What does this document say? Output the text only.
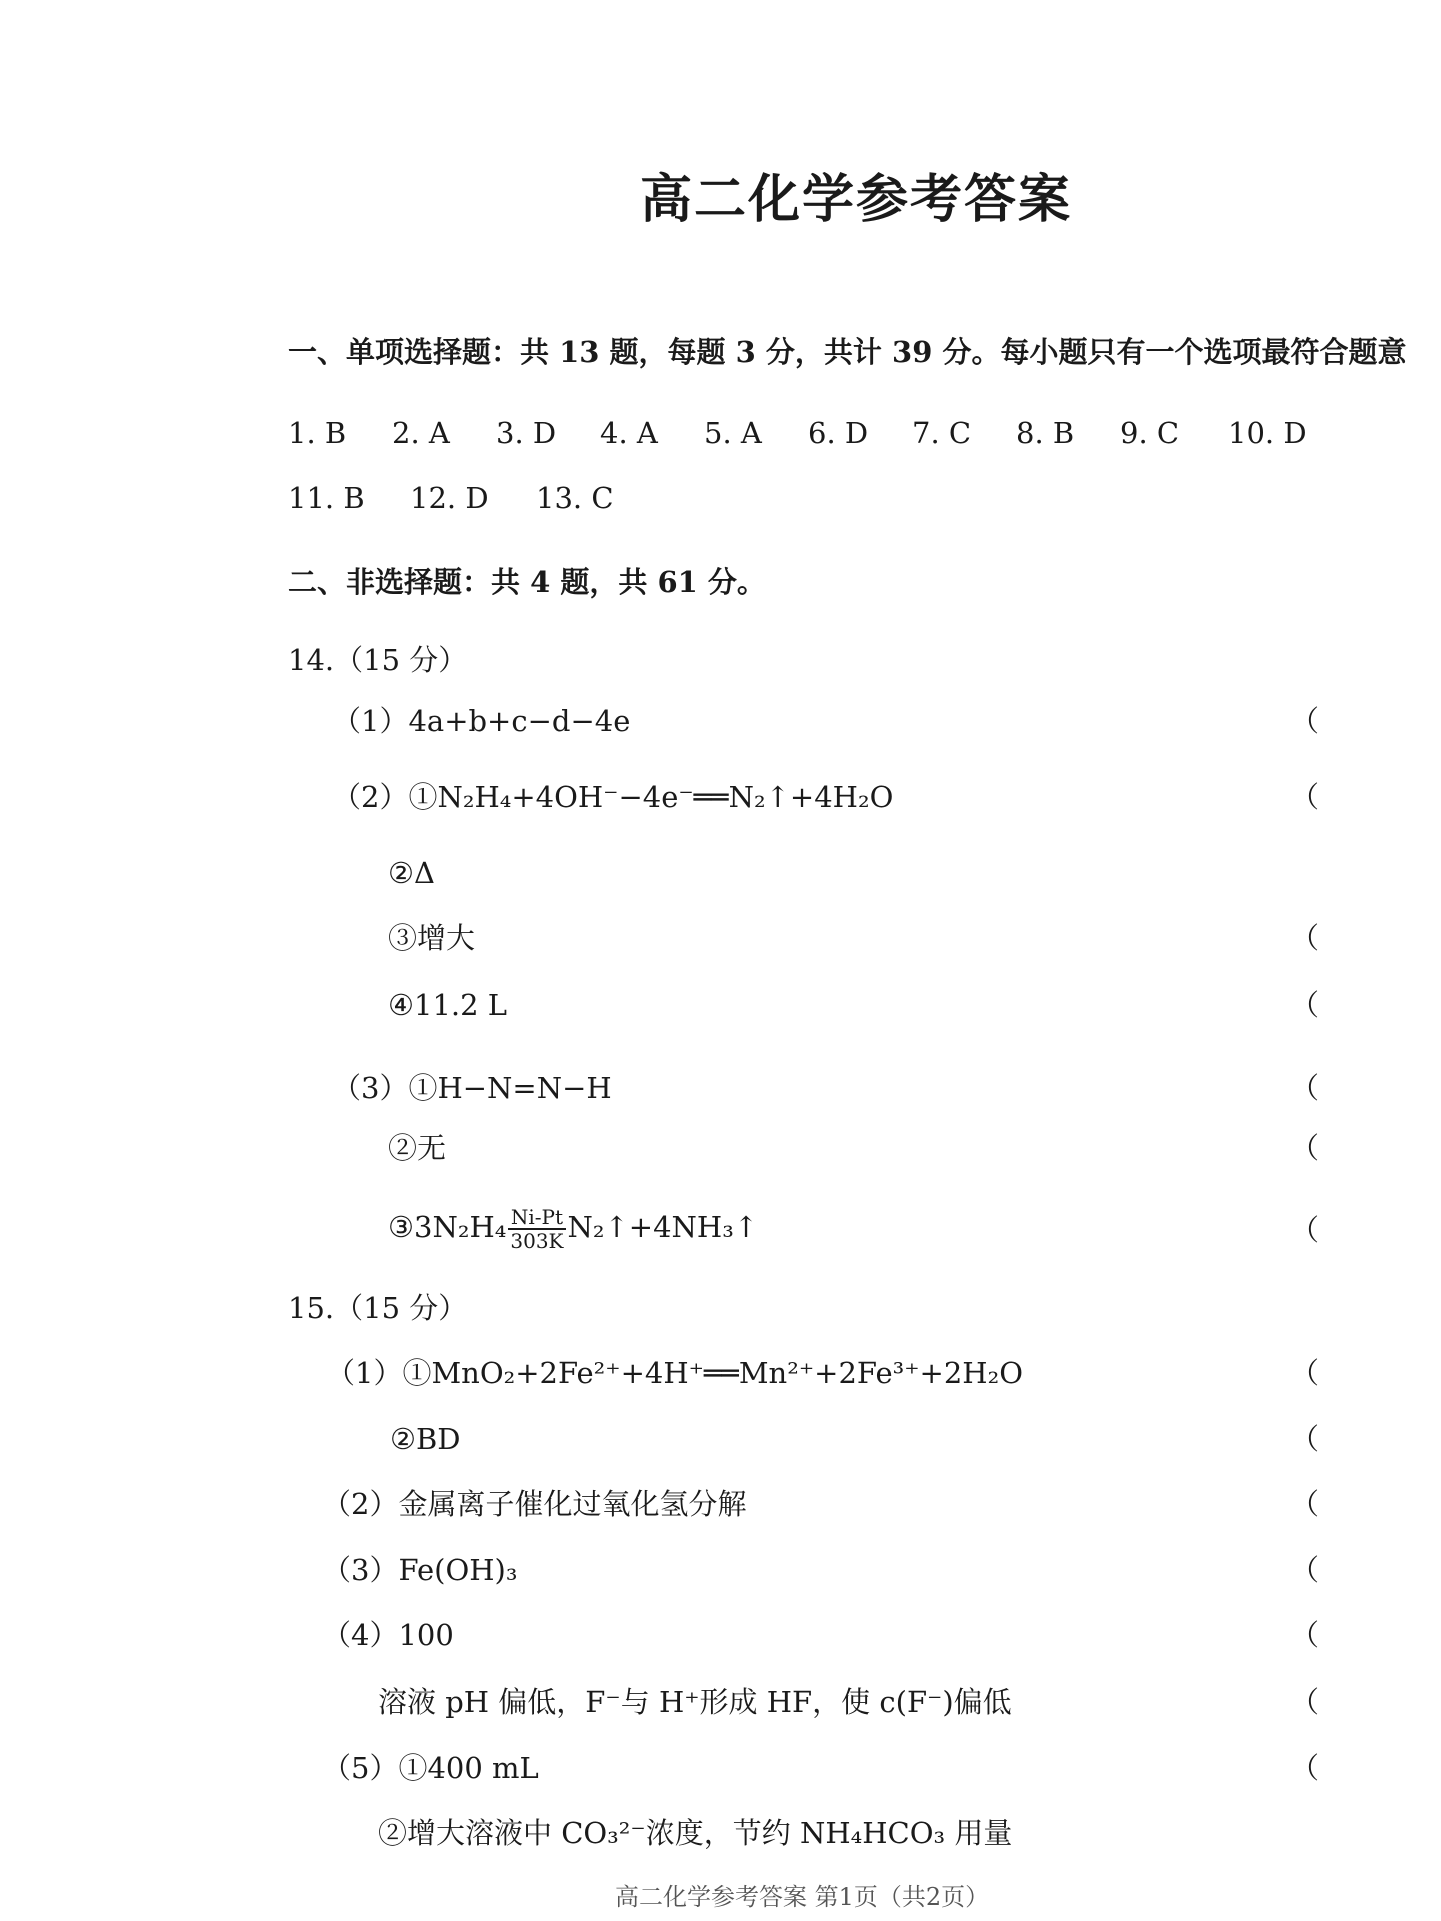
高二化学参考答案
一、单项选择题：共 13 题，每题 3 分，共计 39 分。每小题只有一个选项最符合题意
1. B 2. A 3. D 4. A 5. A 6. D 7. C 8. B 9. C 10. D
11. B 12. D 13. C
二、非选择题：共 4 题，共 61 分。
14.（15 分）
（1）4a+b+c−d−4e	（
（2）①N₂H₄+4OH⁻−4e⁻══N₂↑+4H₂O	（
②Δ
③增大	（
④11.2 L	（
（3）①H−N=N−H	（
②无	（
③3N₂H₄ $\frac{Ni-Pt}{303K}$ N₂↑+4NH₃↑	（
15.（15 分）
（1）①MnO₂+2Fe²⁺+4H⁺══Mn²⁺+2Fe³⁺+2H₂O	（
②BD	（
（2）金属离子催化过氧化氢分解	（
（3）Fe(OH)₃	（
（4）100	（
溶液 pH 偏低，F⁻与 H⁺形成 HF，使 c(F⁻)偏低	（
（5）①400 mL	（
②增大溶液中 CO₃²⁻浓度，节约 NH₄HCO₃ 用量
高二化学参考答案 第1页（共2页）
